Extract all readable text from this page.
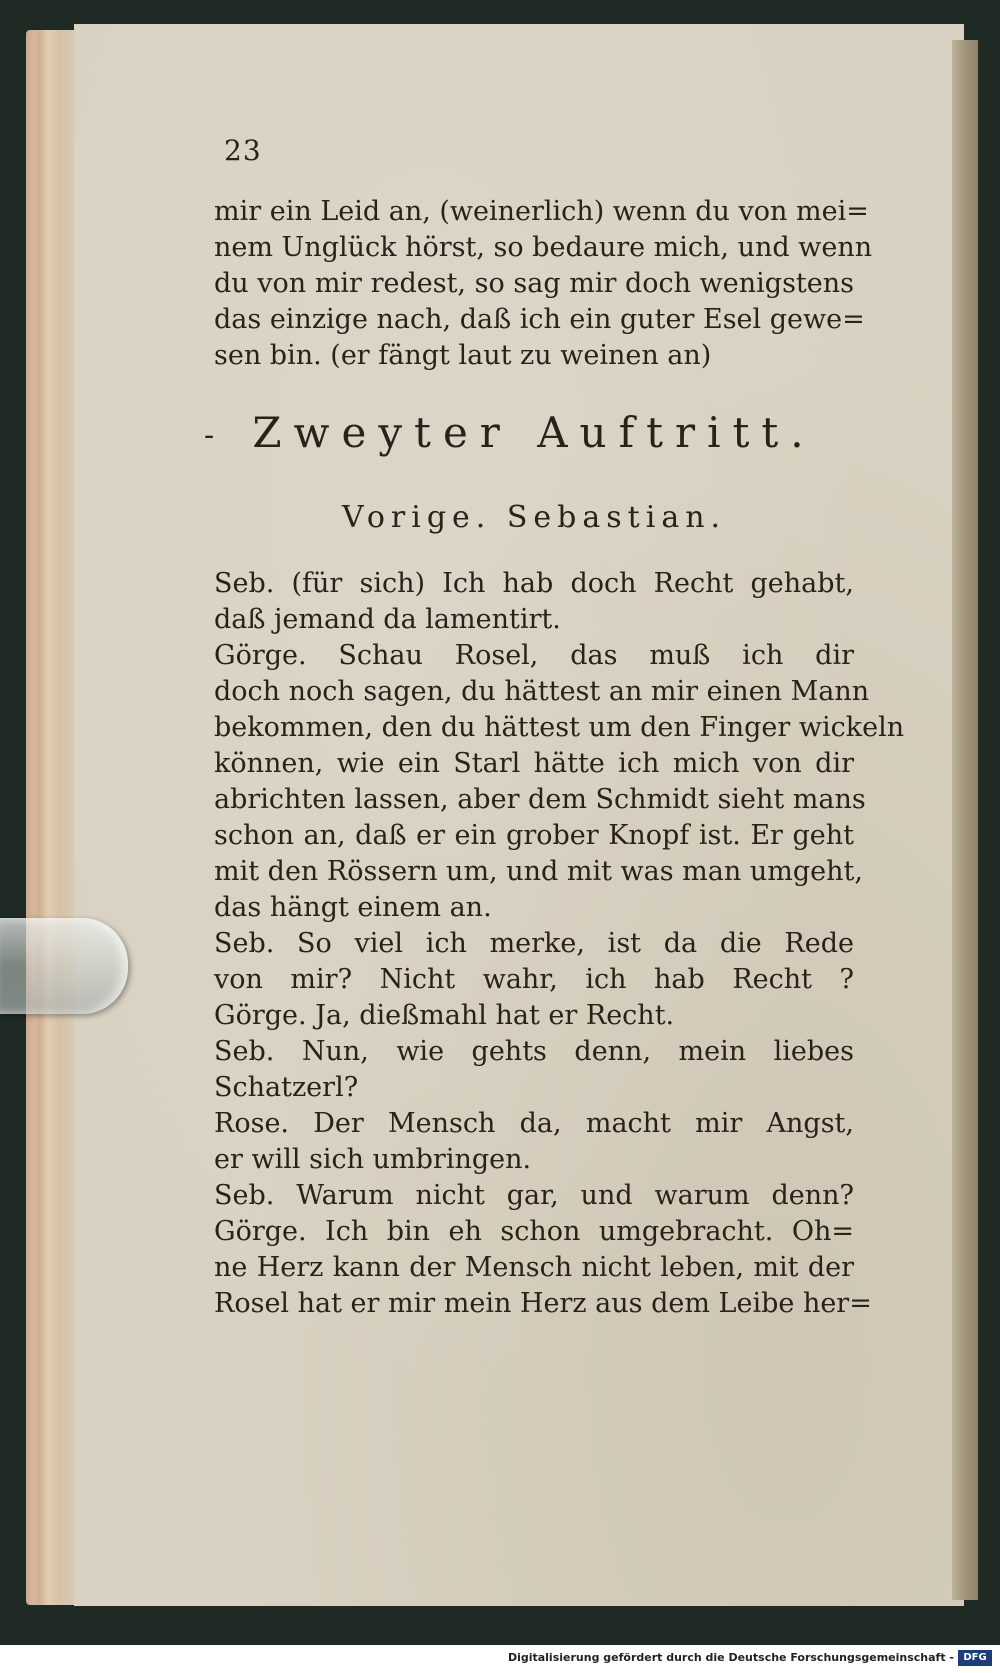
23
mir ein Leid an, (weinerlich) wenn du von mei=
nem Unglück hörst, so bedaure mich, und wenn
du von mir redest, so sag mir doch wenigstens
das einzige nach, daß ich ein guter Esel gewe=
sen bin. (er fängt laut zu weinen an)
- Zweyter Auftritt.
Vorige. Sebastian.
Seb. (für sich) Ich hab doch Recht gehabt,
daß jemand da lamentirt.
Görge. Schau Rosel, das muß ich dir
doch noch sagen, du hättest an mir einen Mann
bekommen, den du hättest um den Finger wickeln
können, wie ein Starl hätte ich mich von dir
abrichten lassen, aber dem Schmidt sieht mans
schon an, daß er ein grober Knopf ist. Er geht
mit den Rössern um, und mit was man umgeht,
das hängt einem an.
Seb. So viel ich merke, ist da die Rede
von mir? Nicht wahr, ich hab Recht ?
Görge. Ja, dießmahl hat er Recht.
Seb. Nun, wie gehts denn, mein liebes
Schatzerl?
Rose. Der Mensch da, macht mir Angst,
er will sich umbringen.
Seb. Warum nicht gar, und warum denn?
Görge. Ich bin eh schon umgebracht. Oh=
ne Herz kann der Mensch nicht leben, mit der
Rosel hat er mir mein Herz aus dem Leibe her=
Digitalisierung gefördert durch die Deutsche Forschungsgemeinschaft - DFG
